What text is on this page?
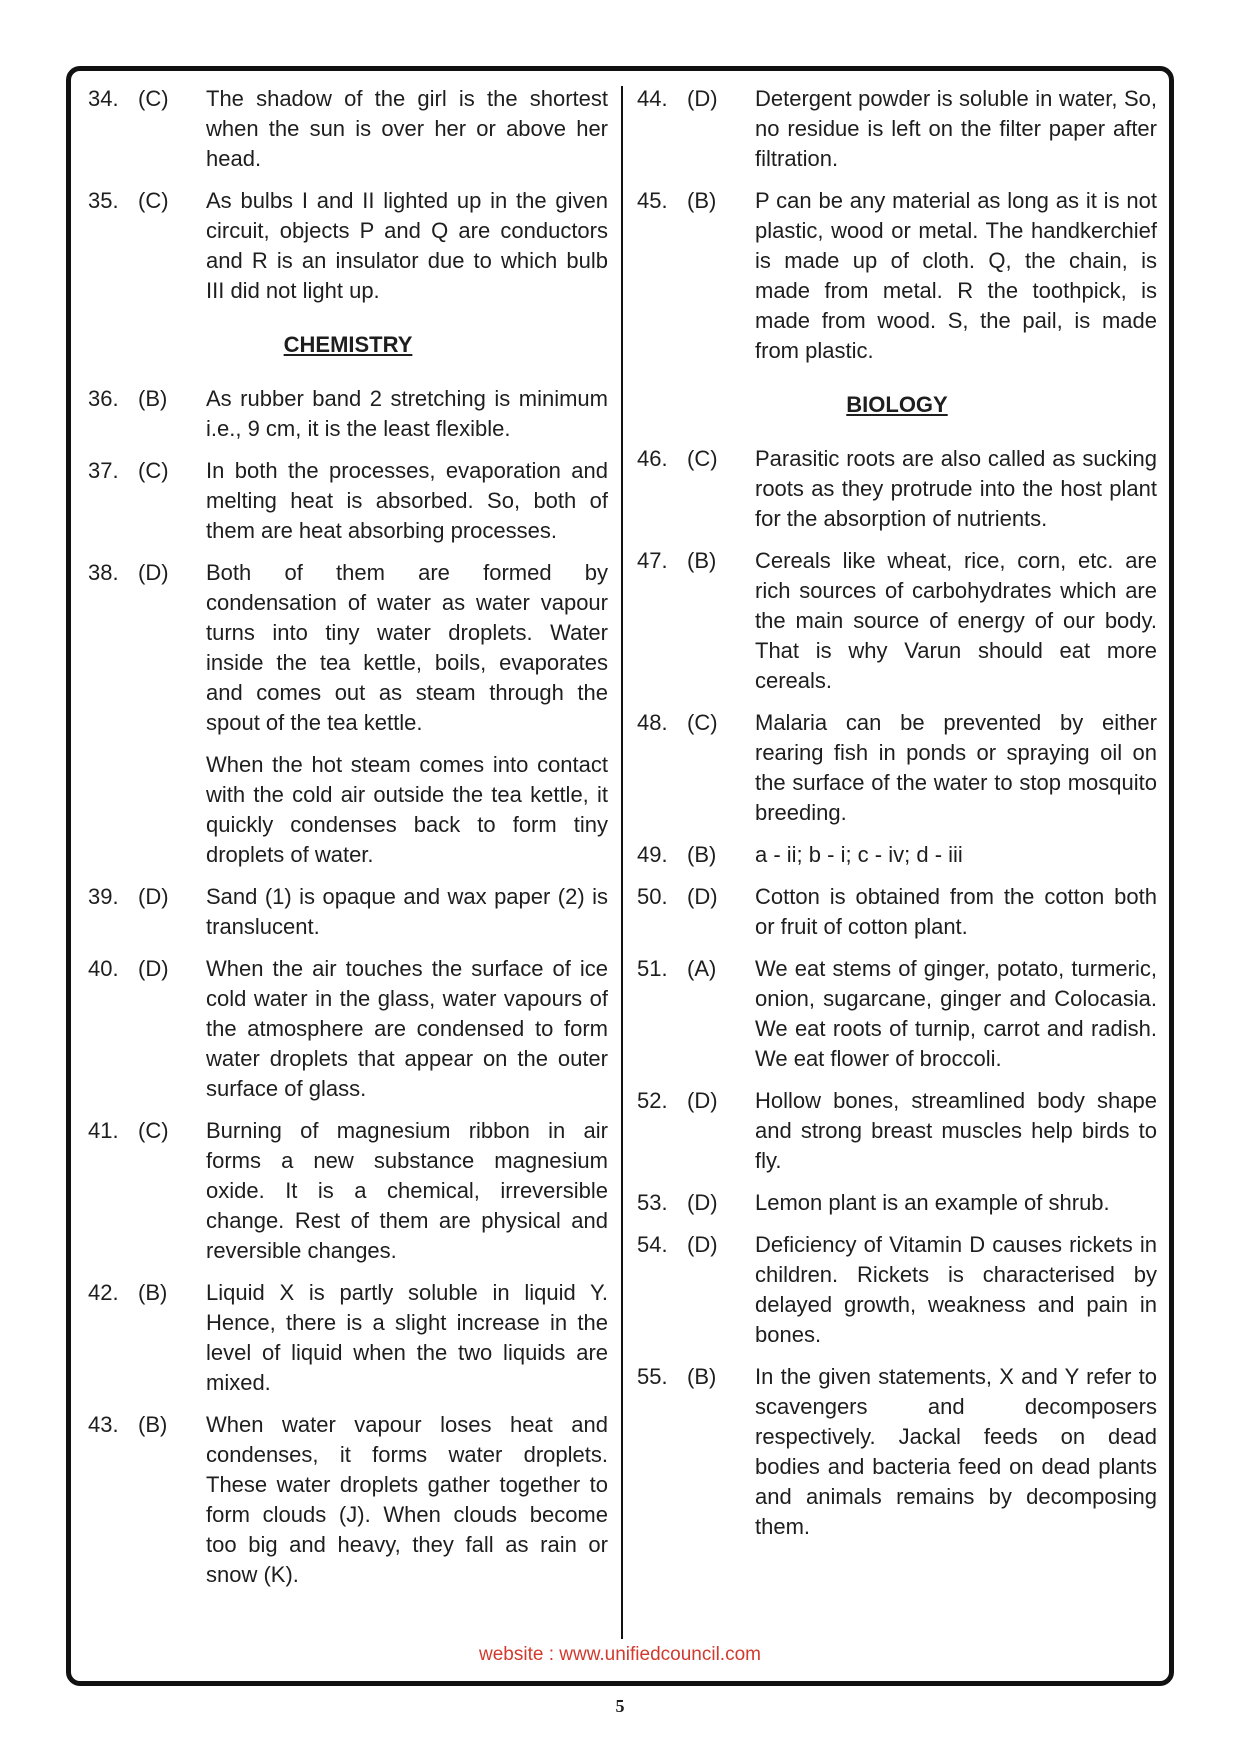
34. (C)	The shadow of the girl is the shortest when the sun is over her or above her head.

35. (C)	As bulbs I and II lighted up in the given circuit, objects P and Q are conductors and R is an insulator due to which bulb III did not light up.

CHEMISTRY
36. (B)	As rubber band 2 stretching is minimum i.e., 9 cm, it is the least flexible.

37. (C)	In both the processes, evaporation and melting heat is absorbed. So, both of them are heat absorbing processes.

38. (D)	Both of them are formed by condensation of water as water vapour turns into tiny water droplets. Water inside the tea kettle, boils, evaporates and comes out as steam through the spout of the tea kettle.

When the hot steam comes into contact with the cold air outside the tea kettle, it quickly condenses back to form tiny droplets of water.

39. (D)	Sand (1) is opaque and wax paper (2) is translucent.

40. (D)	When the air touches the surface of ice cold water in the glass, water vapours of the atmosphere are condensed to form water droplets that appear on the outer surface of glass.

41. (C)	Burning of magnesium ribbon in air forms a new substance magnesium oxide. It is a chemical, irreversible change. Rest of them are physical and reversible changes.

42. (B)	Liquid X is partly soluble in liquid Y. Hence, there is a slight increase in the level of liquid when the two liquids are mixed.

43. (B)	When water vapour loses heat and condenses, it forms water droplets. These water droplets gather together to form clouds (J). When clouds become too big and heavy, they fall as rain or snow (K).

44. (D)	Detergent powder is soluble in water, So, no residue is left on the filter paper after filtration.

45. (B)	P can be any material as long as it is not plastic, wood or metal. The handkerchief is made up of cloth. Q, the chain, is made from metal. R the toothpick, is made from wood. S, the pail, is made from plastic.

BIOLOGY
46. (C)	Parasitic roots are also called as sucking roots as they protrude into the host plant for the absorption of nutrients.

47. (B)	Cereals like wheat, rice, corn, etc. are rich sources of carbohydrates which are the main source of energy of our body. That is why Varun should eat more cereals.

48. (C)	Malaria can be prevented by either rearing fish in ponds or spraying oil on the surface of the water to stop mosquito breeding.

49. (B)	a - ii; b - i; c - iv; d - iii

50. (D)	Cotton is obtained from the cotton both or fruit of cotton plant.

51. (A)	We eat stems of ginger, potato, turmeric, onion, sugarcane, ginger and Colocasia. We eat roots of turnip, carrot and radish. We eat flower of broccoli.

52. (D)	Hollow bones, streamlined body shape and strong breast muscles help birds to fly.

53. (D)	Lemon plant is an example of shrub.

54. (D)	Deficiency of Vitamin D causes rickets in children. Rickets is characterised by delayed growth, weakness and pain in bones.

55. (B)	In the given statements, X and Y refer to scavengers and decomposers respectively. Jackal feeds on dead bodies and bacteria feed on dead plants and animals remains by decomposing them.

website : www.unifiedcouncil.com
5
